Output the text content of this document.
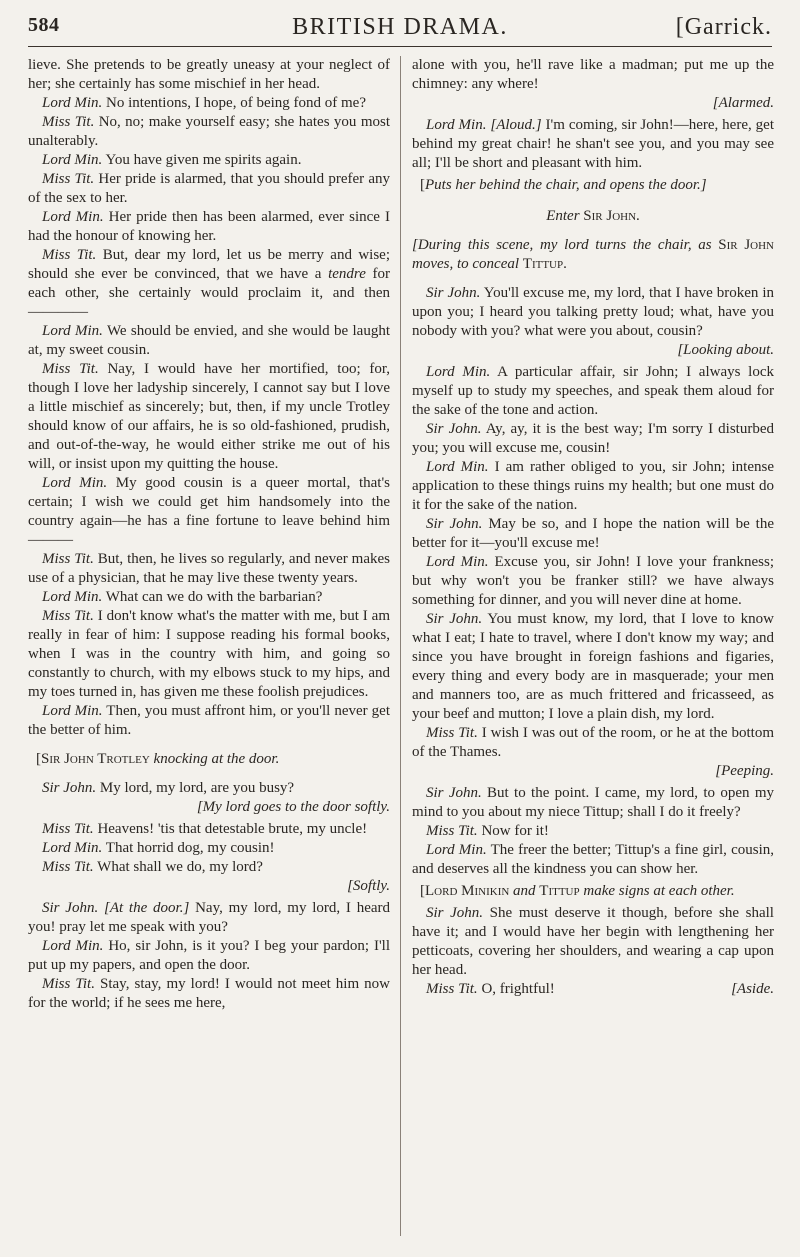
584	BRITISH DRAMA.	[Garrick.

lieve. She pretends to be greatly uneasy at your neglect of her; she certainly has some mischief in her head.

Lord Min. No intentions, I hope, of being fond of me?

Miss Tit. No, no; make yourself easy; she hates you most unalterably.

Lord Min. You have given me spirits again.

Miss Tit. Her pride is alarmed, that you should prefer any of the sex to her.

Lord Min. Her pride then has been alarmed, ever since I had the honour of knowing her.

Miss Tit. But, dear my lord, let us be merry and wise; should she ever be convinced, that we have a tendre for each other, she certainly would proclaim it, and then————

Lord Min. We should be envied, and she would be laught at, my sweet cousin.

Miss Tit. Nay, I would have her mortified, too; for, though I love her ladyship sincerely, I cannot say but I love a little mischief as sincerely; but, then, if my uncle Trotley should know of our affairs, he is so old-fashioned, prudish, and out-of-the-way, he would either strike me out of his will, or insist upon my quitting the house.

Lord Min. My good cousin is a queer mortal, that's certain; I wish we could get him handsomely into the country again—he has a fine fortune to leave behind him———

Miss Tit. But, then, he lives so regularly, and never makes use of a physician, that he may live these twenty years.

Lord Min. What can we do with the barbarian?

Miss Tit. I don't know what's the matter with me, but I am really in fear of him: I suppose reading his formal books, when I was in the country with him, and going so constantly to church, with my elbows stuck to my hips, and my toes turned in, has given me these foolish prejudices.

Lord Min. Then, you must affront him, or you'll never get the better of him.

[Sir John Trotley knocking at the door.

Sir John. My lord, my lord, are you busy?

[My lord goes to the door softly.

Miss Tit. Heavens! 'tis that detestable brute, my uncle!

Lord Min. That horrid dog, my cousin!

Miss Tit. What shall we do, my lord?

[Softly.

Sir John. [At the door.] Nay, my lord, my lord, I heard you! pray let me speak with you?

Lord Min. Ho, sir John, is it you? I beg your pardon; I'll put up my papers, and open the door.

Miss Tit. Stay, stay, my lord! I would not meet him now for the world; if he sees me here,

alone with you, he'll rave like a madman; put me up the chimney: any where!

[Alarmed.

Lord Min. [Aloud.] I'm coming, sir John!—here, here, get behind my great chair! he shan't see you, and you may see all; I'll be short and pleasant with him.

[Puts her behind the chair, and opens the door.]

Enter Sir John.

[During this scene, my lord turns the chair, as Sir John moves, to conceal Tittup.

Sir John. You'll excuse me, my lord, that I have broken in upon you; I heard you talking pretty loud; what, have you nobody with you? what were you about, cousin?

[Looking about.

Lord Min. A particular affair, sir John; I always lock myself up to study my speeches, and speak them aloud for the sake of the tone and action.

Sir John. Ay, ay, it is the best way; I'm sorry I disturbed you; you will excuse me, cousin!

Lord Min. I am rather obliged to you, sir John; intense application to these things ruins my health; but one must do it for the sake of the nation.

Sir John. May be so, and I hope the nation will be the better for it—you'll excuse me!

Lord Min. Excuse you, sir John! I love your frankness; but why won't you be franker still? we have always something for dinner, and you will never dine at home.

Sir John. You must know, my lord, that I love to know what I eat; I hate to travel, where I don't know my way; and since you have brought in foreign fashions and figaries, every thing and every body are in masquerade; your men and manners too, are as much frittered and fricasseed, as your beef and mutton; I love a plain dish, my lord.

Miss Tit. I wish I was out of the room, or he at the bottom of the Thames.

[Peeping.

Sir John. But to the point. I came, my lord, to open my mind to you about my niece Tittup; shall I do it freely?

Miss Tit. Now for it!

Lord Min. The freer the better; Tittup's a fine girl, cousin, and deserves all the kindness you can show her.

[Lord Minikin and Tittup make signs at each other.

Sir John. She must deserve it though, before she shall have it; and I would have her begin with lengthening her petticoats, covering her shoulders, and wearing a cap upon her head.

Miss Tit. O, frightful!	[Aside.
